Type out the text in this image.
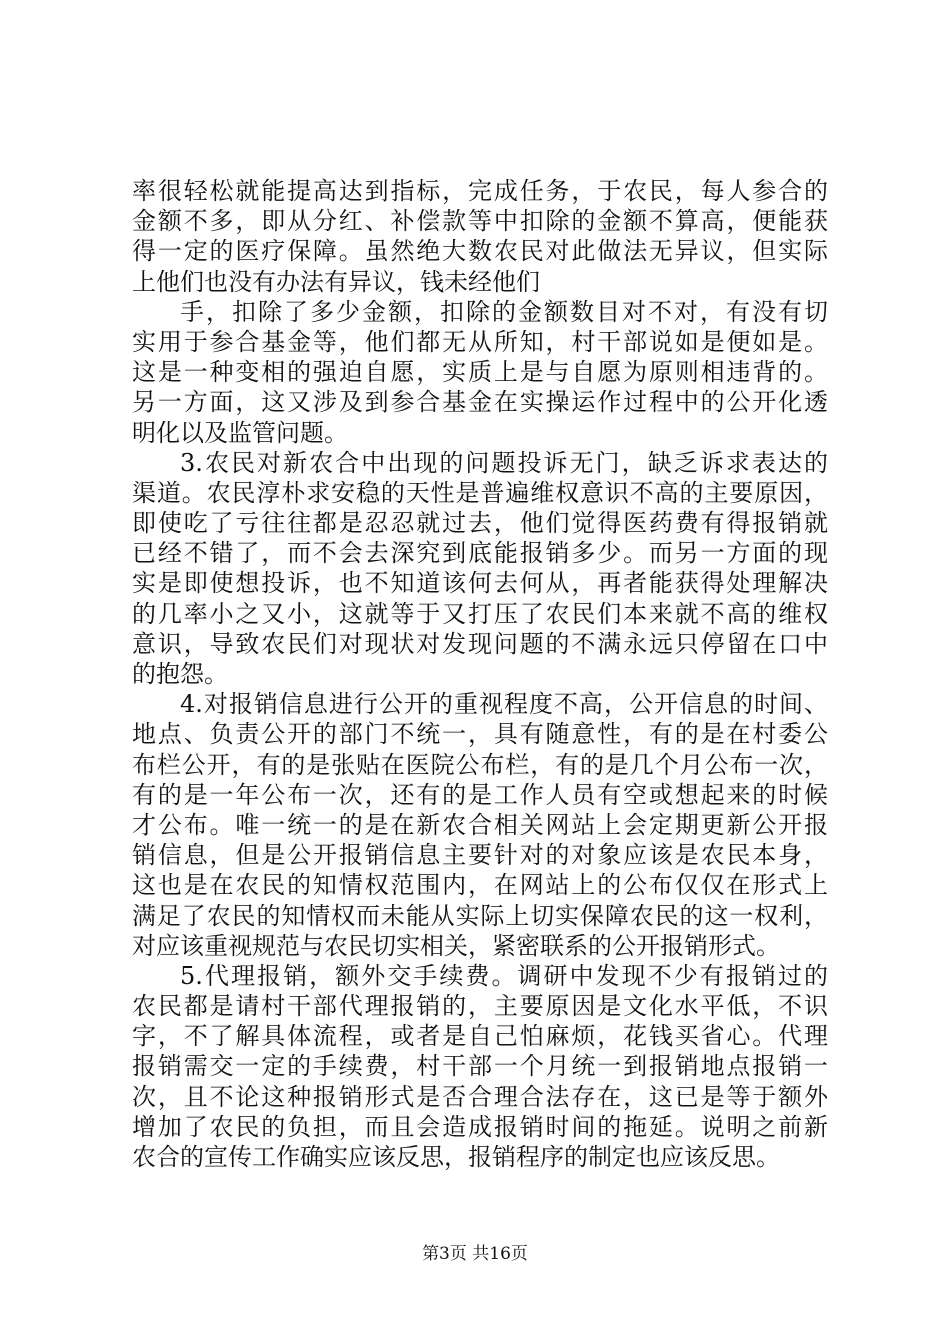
率很轻松就能提高达到指标，完成任务，于农民，每人参合的
金额不多，即从分红、补偿款等中扣除的金额不算高，便能获
得一定的医疗保障。虽然绝大数农民对此做法无异议，但实际
上他们也没有办法有异议，钱未经他们
手，扣除了多少金额，扣除的金额数目对不对，有没有切
实用于参合基金等，他们都无从所知，村干部说如是便如是。
这是一种变相的强迫自愿，实质上是与自愿为原则相违背的。
另一方面，这又涉及到参合基金在实操运作过程中的公开化透
明化以及监管问题。
3.农民对新农合中出现的问题投诉无门，缺乏诉求表达的
渠道。农民淳朴求安稳的天性是普遍维权意识不高的主要原因，
即使吃了亏往往都是忍忍就过去，他们觉得医药费有得报销就
已经不错了，而不会去深究到底能报销多少。而另一方面的现
实是即使想投诉，也不知道该何去何从，再者能获得处理解决
的几率小之又小，这就等于又打压了农民们本来就不高的维权
意识，导致农民们对现状对发现问题的不满永远只停留在口中
的抱怨。
4.对报销信息进行公开的重视程度不高，公开信息的时间、
地点、负责公开的部门不统一，具有随意性，有的是在村委公
布栏公开，有的是张贴在医院公布栏，有的是几个月公布一次，
有的是一年公布一次，还有的是工作人员有空或想起来的时候
才公布。唯一统一的是在新农合相关网站上会定期更新公开报
销信息，但是公开报销信息主要针对的对象应该是农民本身，
这也是在农民的知情权范围内，在网站上的公布仅仅在形式上
满足了农民的知情权而未能从实际上切实保障农民的这一权利，
对应该重视规范与农民切实相关，紧密联系的公开报销形式。
5.代理报销，额外交手续费。调研中发现不少有报销过的
农民都是请村干部代理报销的，主要原因是文化水平低，不识
字，不了解具体流程，或者是自己怕麻烦，花钱买省心。代理
报销需交一定的手续费，村干部一个月统一到报销地点报销一
次，且不论这种报销形式是否合理合法存在，这已是等于额外
增加了农民的负担，而且会造成报销时间的拖延。说明之前新
农合的宣传工作确实应该反思，报销程序的制定也应该反思。
第3页 共16页
